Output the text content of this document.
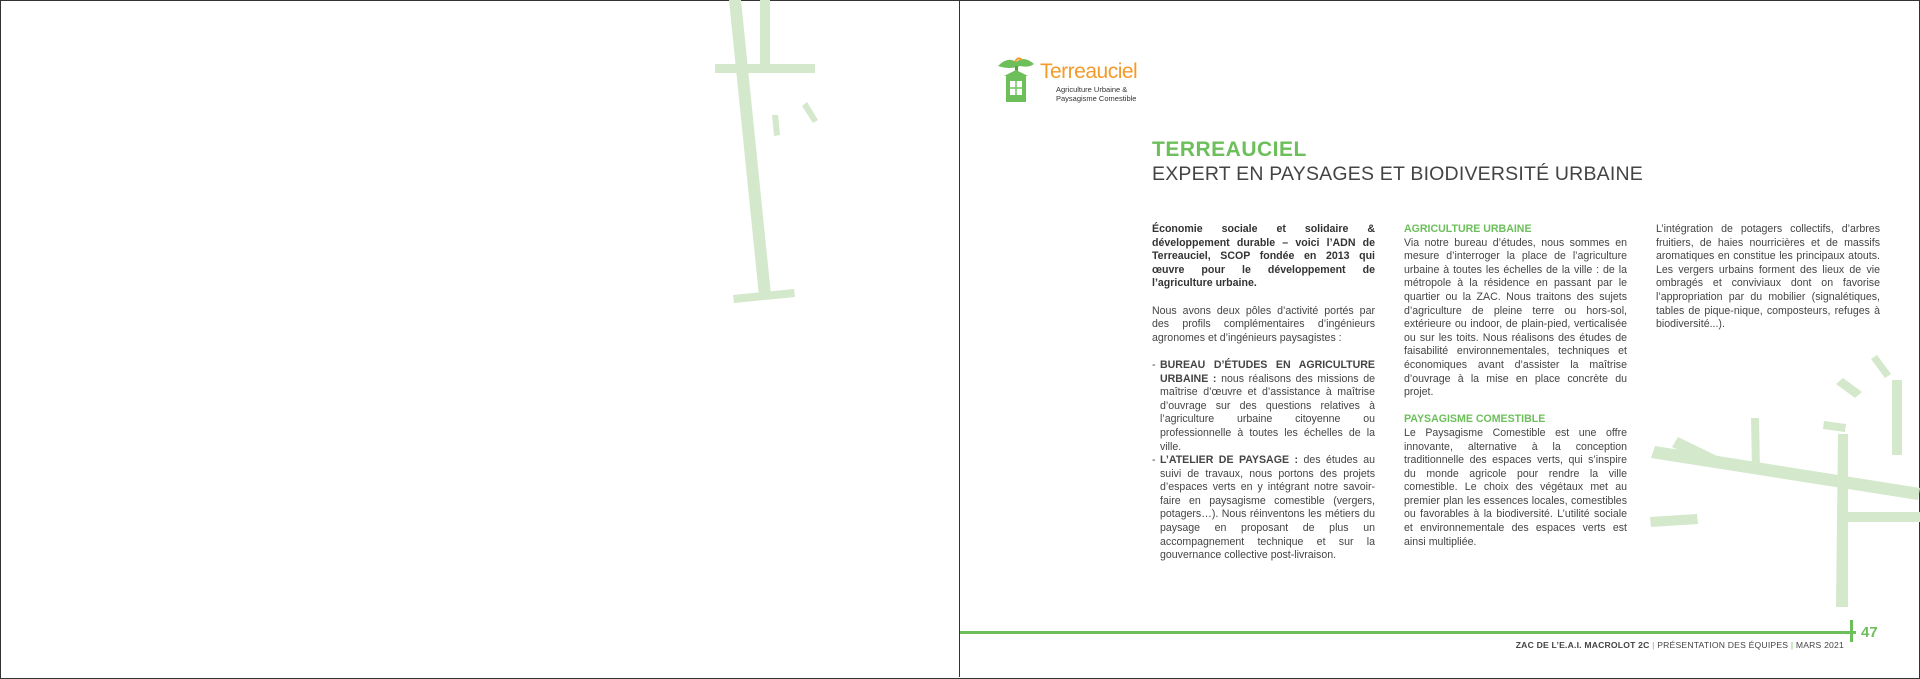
Terreauciel
Agriculture Urbaine &
Paysagisme Comestible
TERREAUCIEL
EXPERT EN PAYSAGES ET BIODIVERSITÉ URBAINE

Économie sociale et solidaire & développement durable – voici l’ADN de Terreauciel, SCOP fondée en 2013 qui œuvre pour le développement de l’agriculture urbaine.

Nous avons deux pôles d’activité portés par des profils complémentaires d’ingénieurs agronomes et d’ingénieurs paysagistes :

- BUREAU D’ÉTUDES EN AGRICULTURE URBAINE : nous réalisons des missions de maîtrise d’œuvre et d’assistance à maîtrise d’ouvrage sur des questions relatives à l’agriculture urbaine citoyenne ou professionnelle à toutes les échelles de la ville.
- L’ATELIER DE PAYSAGE : des études au suivi de travaux, nous portons des projets d’espaces verts en y intégrant notre savoir-faire en paysagisme comestible (vergers, potagers…). Nous réinventons les métiers du paysage en proposant de plus un accompagnement technique et sur la gouvernance collective post-livraison.

AGRICULTURE URBAINE

Via notre bureau d’études, nous sommes en mesure d’interroger la place de l’agriculture urbaine à toutes les échelles de la ville : de la métropole à la résidence en passant par le quartier ou la ZAC. Nous traitons des sujets d’agriculture de pleine terre ou hors-sol, extérieure ou indoor, de plain-pied, verticalisée ou sur les toits. Nous réalisons des études de faisabilité environnementales, techniques et économiques avant d’assister la maîtrise d’ouvrage à la mise en place concrète du projet.

PAYSAGISME COMESTIBLE

Le Paysagisme Comestible est une offre innovante, alternative à la conception traditionnelle des espaces verts, qui s’inspire du monde agricole pour rendre la ville comestible. Le choix des végétaux met au premier plan les essences locales, comestibles ou favorables à la biodiversité. L’utilité sociale et environnementale des espaces verts est ainsi multipliée.

L’intégration de potagers collectifs, d’arbres fruitiers, de haies nourricières et de massifs aromatiques en constitue les principaux atouts. Les vergers urbains forment des lieux de vie ombragés et conviviaux dont on favorise l’appropriation par du mobilier (signalétiques, tables de pique-nique, composteurs, refuges à biodiversité...).

47
ZAC DE L’E.A.I. MACROLOT 2C | PRÉSENTATION DES ÉQUIPES | MARS 2021
